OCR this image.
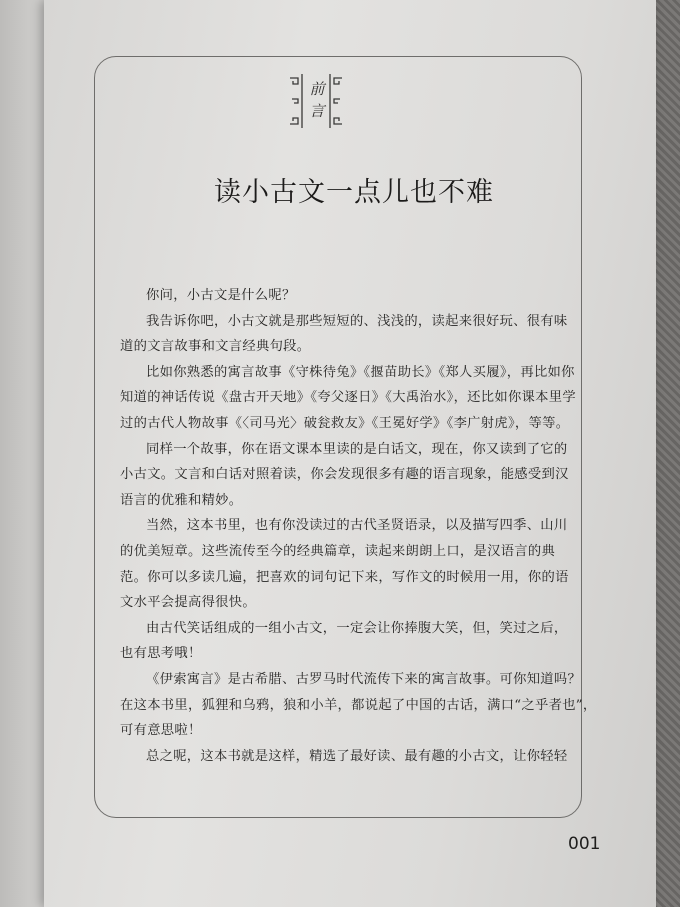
前
言
读小古文一点儿也不难
你问，小古文是什么呢？
我告诉你吧，小古文就是那些短短的、浅浅的，读起来很好玩、很有味
道的文言故事和文言经典句段。
比如你熟悉的寓言故事《守株待兔》《揠苗助长》《郑人买履》，再比如你
知道的神话传说《盘古开天地》《夸父逐日》《大禹治水》，还比如你课本里学
过的古代人物故事《〈司马光〉破瓮救友》《王冕好学》《李广射虎》，等等。
同样一个故事，你在语文课本里读的是白话文，现在，你又读到了它的
小古文。文言和白话对照着读，你会发现很多有趣的语言现象，能感受到汉
语言的优雅和精妙。
当然，这本书里，也有你没读过的古代圣贤语录，以及描写四季、山川
的优美短章。这些流传至今的经典篇章，读起来朗朗上口，是汉语言的典
范。你可以多读几遍，把喜欢的词句记下来，写作文的时候用一用，你的语
文水平会提高得很快。
由古代笑话组成的一组小古文，一定会让你捧腹大笑，但，笑过之后，
也有思考哦！
《伊索寓言》是古希腊、古罗马时代流传下来的寓言故事。可你知道吗？
在这本书里，狐狸和乌鸦，狼和小羊，都说起了中国的古话，满口“之乎者也”，
可有意思啦！
总之呢，这本书就是这样，精选了最好读、最有趣的小古文，让你轻轻
001
